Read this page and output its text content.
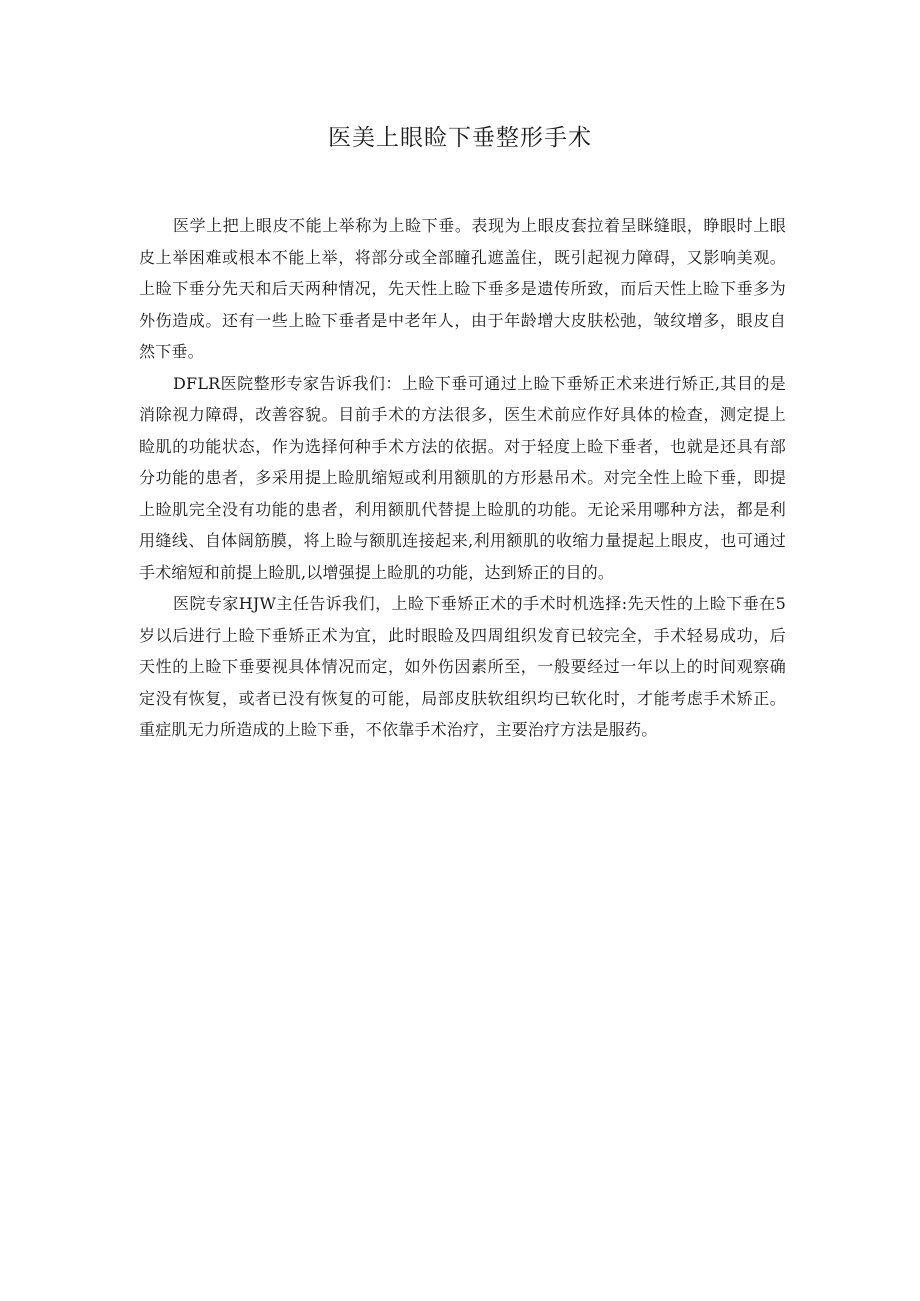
医美上眼睑下垂整形手术

医学上把上眼皮不能上举称为上睑下垂。表现为上眼皮套拉着呈眯缝眼，睁眼时上眼皮上举困难或根本不能上举，将部分或全部瞳孔遮盖住，既引起视力障碍，又影响美观。上睑下垂分先天和后天两种情况，先天性上睑下垂多是遗传所致，而后天性上睑下垂多为外伤造成。还有一些上睑下垂者是中老年人，由于年龄增大皮肤松弛，皱纹增多，眼皮自然下垂。

DFLR医院整形专家告诉我们：上睑下垂可通过上睑下垂矫正术来进行矫正,其目的是消除视力障碍，改善容貌。目前手术的方法很多，医生术前应作好具体的检查，测定提上睑肌的功能状态，作为选择何种手术方法的依据。对于轻度上睑下垂者，也就是还具有部分功能的患者，多采用提上睑肌缩短或利用额肌的方形悬吊术。对完全性上睑下垂，即提上睑肌完全没有功能的患者，利用额肌代替提上睑肌的功能。无论采用哪种方法，都是利用缝线、自体阔筋膜，将上睑与额肌连接起来,利用额肌的收缩力量提起上眼皮，也可通过手术缩短和前提上睑肌,以增强提上睑肌的功能，达到矫正的目的。

医院专家HJW主任告诉我们，上睑下垂矫正术的手术时机选择:先天性的上睑下垂在5岁以后进行上睑下垂矫正术为宜，此时眼睑及四周组织发育已较完全，手术轻易成功，后天性的上睑下垂要视具体情况而定，如外伤因素所至，一般要经过一年以上的时间观察确定没有恢复，或者已没有恢复的可能，局部皮肤软组织均已软化时，才能考虑手术矫正。重症肌无力所造成的上睑下垂，不依靠手术治疗，主要治疗方法是服药。
